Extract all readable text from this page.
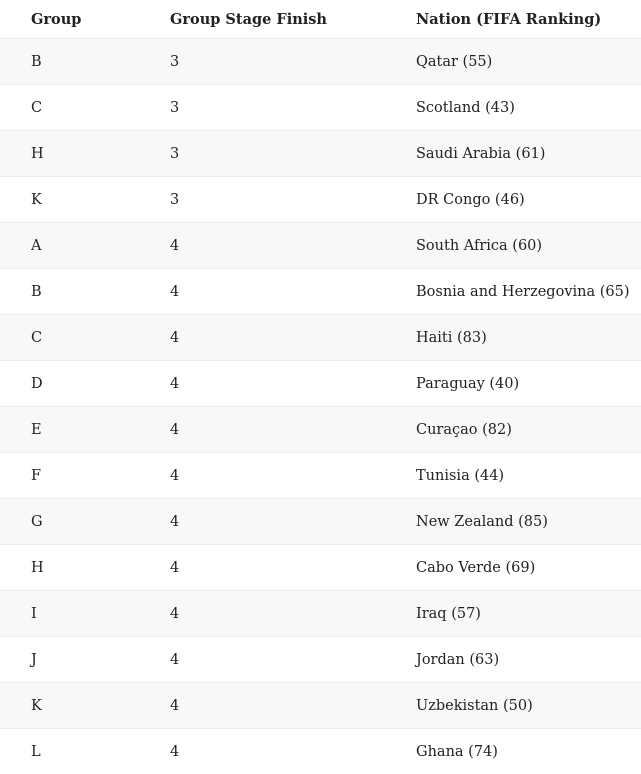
Group	Group Stage Finish	Nation (FIFA Ranking)
B	3	Qatar (55)
C	3	Scotland (43)
H	3	Saudi Arabia (61)
K	3	DR Congo (46)
A	4	South Africa (60)
B	4	Bosnia and Herzegovina (65)
C	4	Haiti (83)
D	4	Paraguay (40)
E	4	Curaçao (82)
F	4	Tunisia (44)
G	4	New Zealand (85)
H	4	Cabo Verde (69)
I	4	Iraq (57)
J	4	Jordan (63)
K	4	Uzbekistan (50)
L	4	Ghana (74)
